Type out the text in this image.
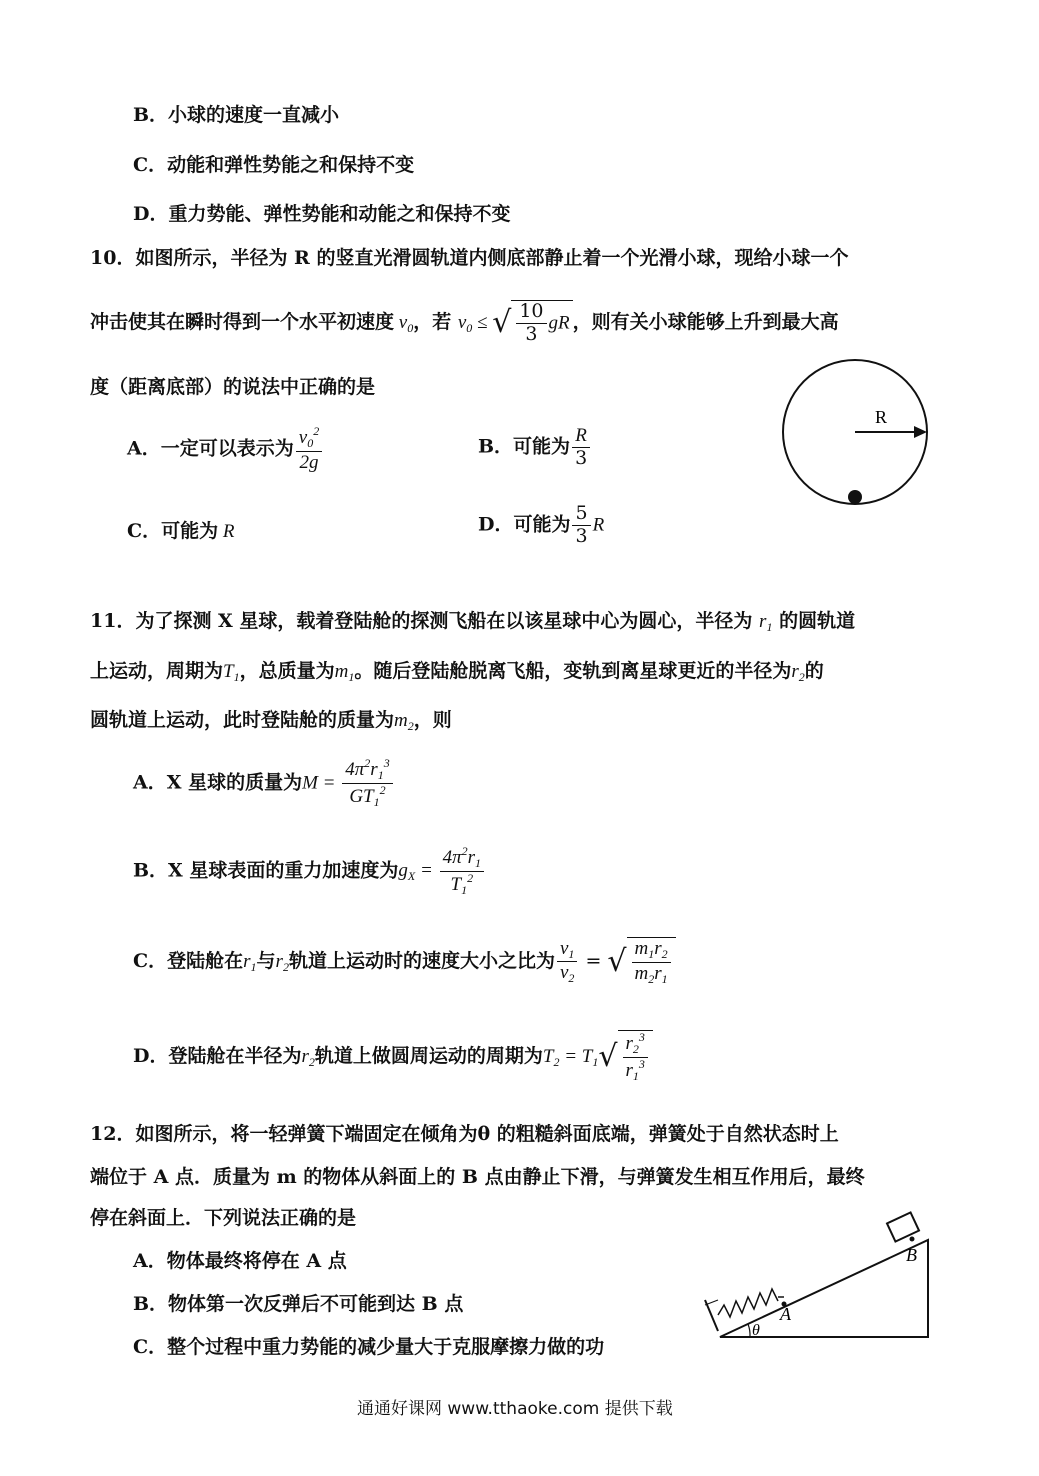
B．小球的速度一直减小
C．动能和弹性势能之和保持不变
D．重力势能、弹性势能和动能之和保持不变
10．如图所示，半径为 R 的竖直光滑圆轨道内侧底部静止着一个光滑小球，现给小球一个
冲击使其在瞬时得到一个水平初速度 $v_0$，若 $v_0$ ≤ √ $\frac{10}{3}$ gR ，则有关小球能够上升到最大高
度（距离底部）的说法中正确的是
A．一定可以表示为 $\frac{v_0^2}{2g}$	B．可能为 $\frac{R}{3}$
C．可能为 R	D．可能为 $\frac{5}{3}$ R
R
11．为了探测 X 星球，载着登陆舱的探测飞船在以该星球中心为圆心，半径为 $r_1$ 的圆轨道
上运动，周期为$T_1$，总质量为$m_1$。随后登陆舱脱离飞船，变轨到离星球更近的半径为$r_2$的
圆轨道上运动，此时登陆舱的质量为$m_2$，则
A．X 星球的质量为$M = \frac{4\pi^2r_1^3}{GT_1^2}$
B．X 星球表面的重力加速度为$g_X = \frac{4\pi^2r_1}{T_1^2}$
C．登陆舱在$r_1$与$r_2$轨道上运动时的速度大小之比为 $\frac{v_1}{v_2}$ = √ $\frac{m_1r_2}{m_2r_1}$
D．登陆舱在半径为$r_2$轨道上做圆周运动的周期为$T_2 = T_1√ \frac{r_2^3}{r_1^3}$
12．如图所示，将一轻弹簧下端固定在倾角为θ 的粗糙斜面底端，弹簧处于自然状态时上
端位于 A 点．质量为 m 的物体从斜面上的 B 点由静止下滑，与弹簧发生相互作用后，最终
停在斜面上．下列说法正确的是
A．物体最终将停在 A 点
B．物体第一次反弹后不可能到达 B 点
C．整个过程中重力势能的减少量大于克服摩擦力做的功
A
B
θ
通通好课网 www.tthaoke.com 提供下载
